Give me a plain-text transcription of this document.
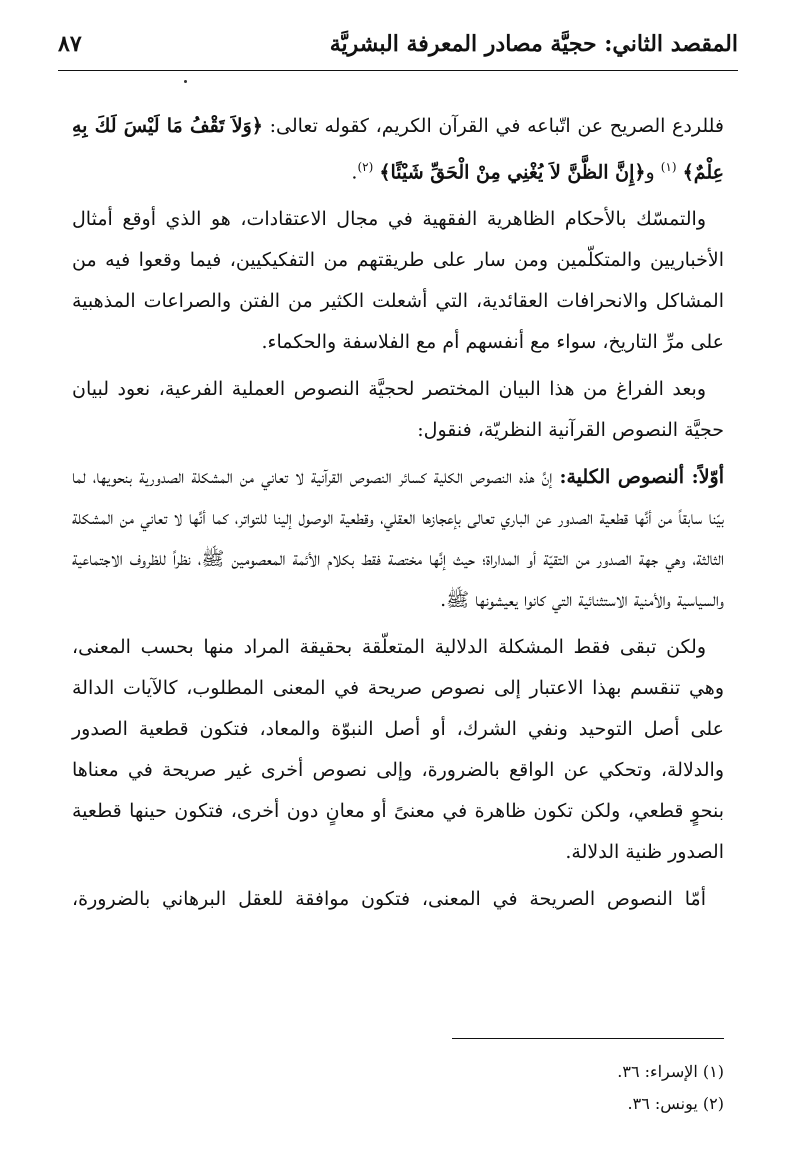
المقصد الثاني: حجيَّة مصادر المعرفة البشريَّة
٨٧

فللردع الصريح عن اتّباعه في القرآن الكريم، كقوله تعالى: ﴿وَلاَ تَقْفُ مَا لَيْسَ لَكَ بِهِ عِلْمٌ﴾ $^{(١)}$ و﴿إِنَّ الظَّنَّ لاَ يُغْنِي مِنْ الْحَقِّ شَيْئًا﴾ $^{(٢)}$.

والتمسّك بالأحكام الظاهرية الفقهية في مجال الاعتقادات، هو الذي أوقع أمثال الأخباريين والمتكلّمين ومن سار على طريقتهم من التفكيكيين، فيما وقعوا فيه من المشاكل والانحرافات العقائدية، التي أشعلت الكثير من الفتن والصراعات المذهبية على مرِّ التاريخ، سواء مع أنفسهم أم مع الفلاسفة والحكماء.

وبعد الفراغ من هذا البيان المختصر لحجيَّة النصوص العملية الفرعية، نعود لبيان حجيَّة النصوص القرآنية النظريّة، فنقول:

أوّلاً: ألنصوص الكلية: إنَّ هذه النصوص الكلية كسائر النصوص القرآنية لا تعاني من المشكلة الصدورية بنحويها، لما بيّنا سابقاً من أنَّها قطعية الصدور عن الباري تعالى بإعجازها العقلي، وقطعية الوصول إلينا للتواتر، كما أنَّها لا تعاني من المشكلة الثالثة، وهي جهة الصدور من التقيّة أو المداراة؛ حيث إنَّها مختصة فقط بكلام الأئمة المعصومين ﷺ، نظراً للظروف الاجتماعية والسياسية والأمنية الاستثنائية التي كانوا يعيشونها ﷺ.

ولكن تبقى فقط المشكلة الدلالية المتعلّقة بحقيقة المراد منها بحسب المعنى، وهي تنقسم بهذا الاعتبار إلى نصوص صريحة في المعنى المطلوب، كالآيات الدالة على أصل التوحيد ونفي الشرك، أو أصل النبوّة والمعاد، فتكون قطعية الصدور والدلالة، وتحكي عن الواقع بالضرورة، وإلى نصوص أخرى غير صريحة في معناها بنحوٍ قطعي، ولكن تكون ظاهرة في معنىً أو معانٍ دون أخرى، فتكون حينها قطعية الصدور ظنية الدلالة.

أمّا النصوص الصريحة في المعنى، فتكون موافقة للعقل البرهاني بالضرورة،

(١) الإسراء: ٣٦.

(٢) يونس: ٣٦.
